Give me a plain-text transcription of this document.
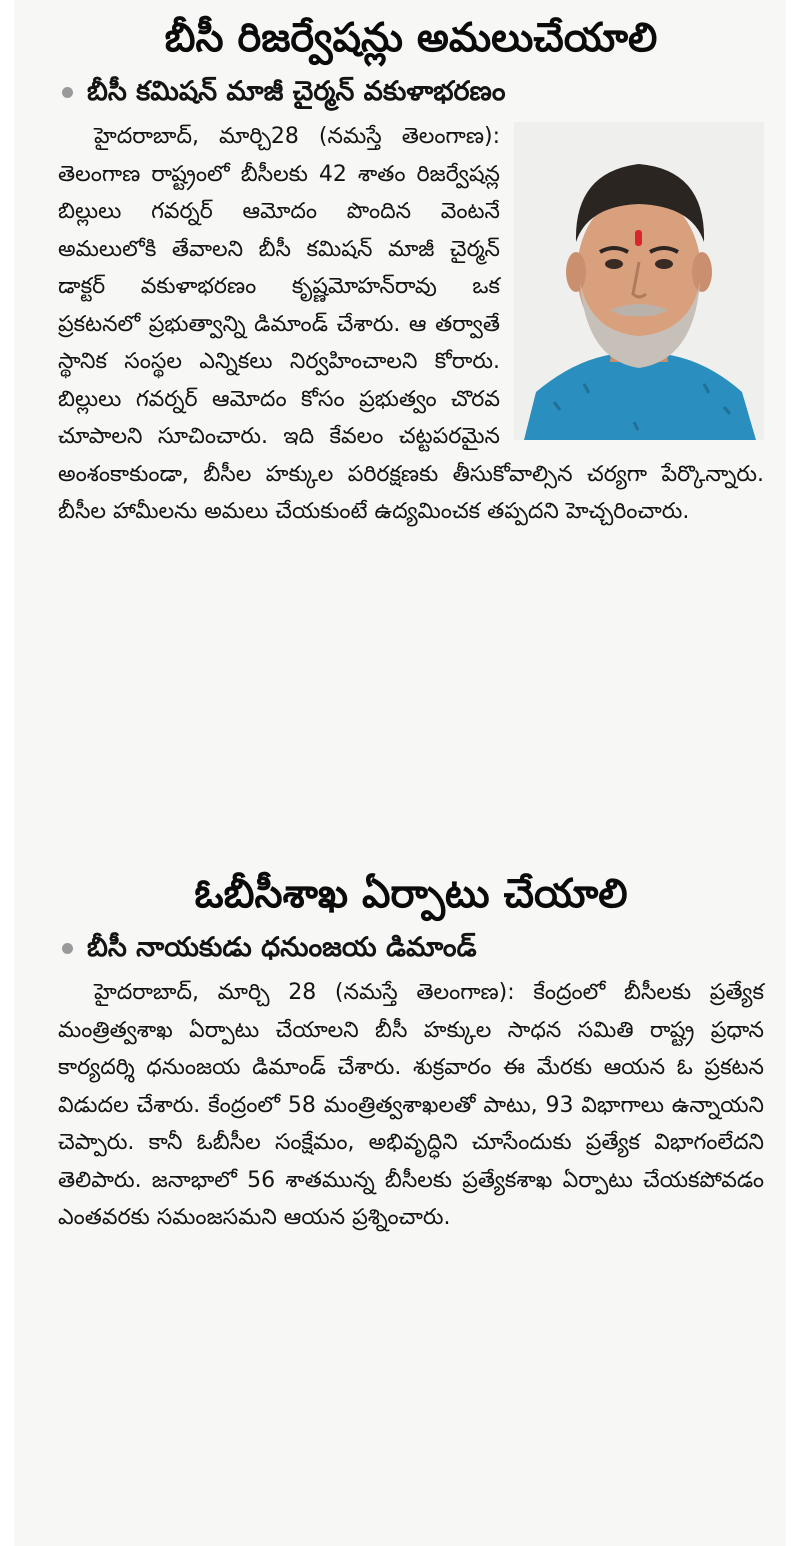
బీసీ రిజర్వేషన్లు అమలుచేయాలి
బీసీ కమిషన్ మాజీ చైర్మన్ వకుళాభరణం

హైదరాబాద్, మార్చి28 (నమస్తే తెలంగాణ): తెలంగాణ రాష్ట్రంలో బీసీలకు 42 శాతం రిజర్వేషన్ల బిల్లులు గవర్నర్ ఆమోదం పొందిన వెంటనే అమలులోకి తేవాలని బీసీ కమిషన్ మాజీ చైర్మన్ డాక్టర్ వకుళాభరణం కృష్ణమోహన్‌రావు ఒక ప్రకటనలో ప్రభుత్వాన్ని డిమాండ్ చేశారు. ఆ తర్వాతే స్థానిక సంస్థల ఎన్నికలు నిర్వహించాలని కోరారు. బిల్లులు గవర్నర్ ఆమోదం కోసం ప్రభుత్వం చొరవ చూపాలని సూచించారు. ఇది కేవలం చట్టపరమైన అంశంకాకుండా, బీసీల హక్కుల పరిరక్షణకు తీసుకోవాల్సిన చర్యగా పేర్కొన్నారు. బీసీల హామీలను అమలు చేయకుంటే ఉద్యమించక తప్పదని హెచ్చరించారు.

ఓబీసీశాఖ ఏర్పాటు చేయాలి
బీసీ నాయకుడు ధనుంజయ డిమాండ్

హైదరాబాద్, మార్చి 28 (నమస్తే తెలంగాణ): కేంద్రంలో బీసీలకు ప్రత్యేక మంత్రిత్వశాఖ ఏర్పాటు చేయాలని బీసీ హక్కుల సాధన సమితి రాష్ట్ర ప్రధాన కార్యదర్శి ధనుంజయ డిమాండ్ చేశారు. శుక్రవారం ఈ మేరకు ఆయన ఓ ప్రకటన విడుదల చేశారు. కేంద్రంలో 58 మంత్రిత్వశాఖలతో పాటు, 93 విభాగాలు ఉన్నాయని చెప్పారు. కానీ ఓబీసీల సంక్షేమం, అభివృద్ధిని చూసేందుకు ప్రత్యేక విభాగంలేదని తెలిపారు. జనాభాలో 56 శాతమున్న బీసీలకు ప్రత్యేకశాఖ ఏర్పాటు చేయకపోవడం ఎంతవరకు సమంజసమని ఆయన ప్రశ్నించారు.
